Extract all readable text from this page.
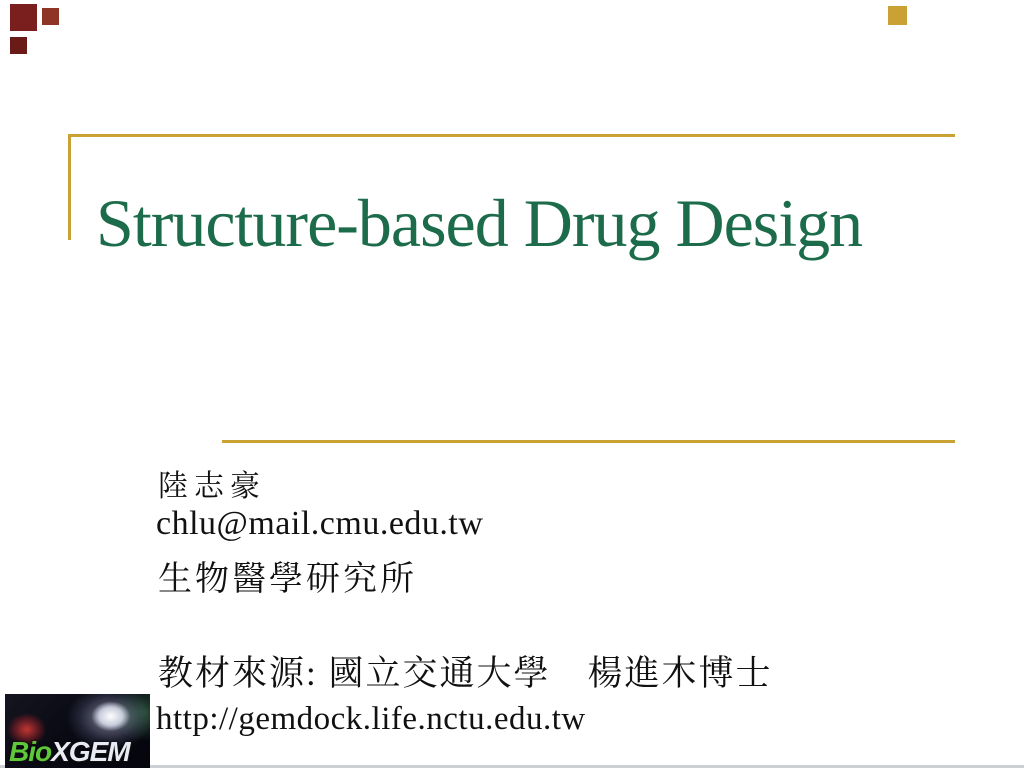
Structure-based Drug Design
陸志豪
chlu@mail.cmu.edu.tw
生物醫學研究所
教材來源: 國立交通大學　楊進木博士
http://gemdock.life.nctu.edu.tw

BioXGEM
